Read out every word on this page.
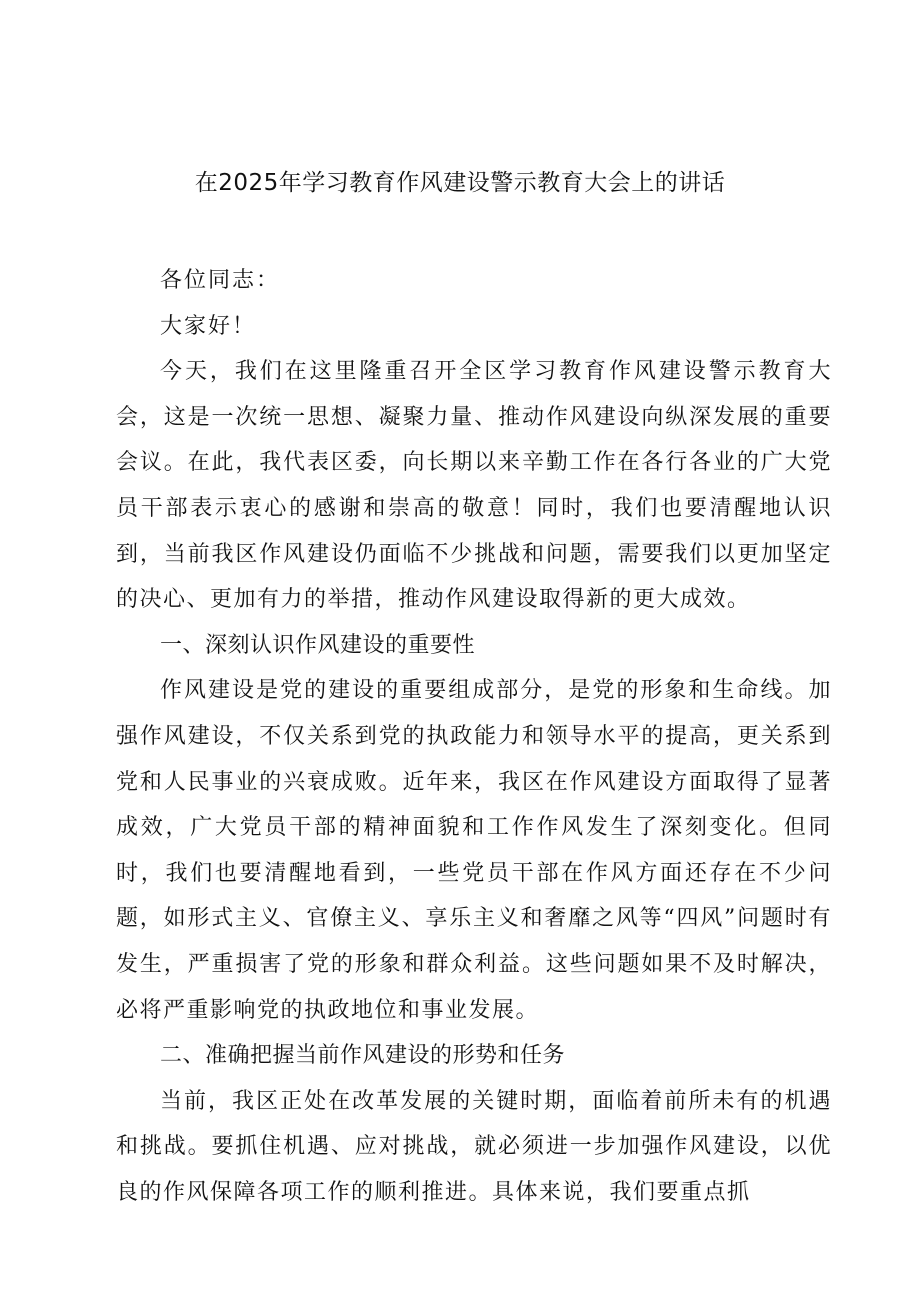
在2025年学习教育作风建设警示教育大会上的讲话

各位同志：

大家好！

今天，我们在这里隆重召开全区学习教育作风建设警示教育大会，这是一次统一思想、凝聚力量、推动作风建设向纵深发展的重要会议。在此，我代表区委，向长期以来辛勤工作在各行各业的广大党员干部表示衷心的感谢和崇高的敬意！同时，我们也要清醒地认识到，当前我区作风建设仍面临不少挑战和问题，需要我们以更加坚定的决心、更加有力的举措，推动作风建设取得新的更大成效。

一、深刻认识作风建设的重要性

作风建设是党的建设的重要组成部分，是党的形象和生命线。加强作风建设，不仅关系到党的执政能力和领导水平的提高，更关系到党和人民事业的兴衰成败。近年来，我区在作风建设方面取得了显著成效，广大党员干部的精神面貌和工作作风发生了深刻变化。但同时，我们也要清醒地看到，一些党员干部在作风方面还存在不少问题，如形式主义、官僚主义、享乐主义和奢靡之风等“四风”问题时有发生，严重损害了党的形象和群众利益。这些问题如果不及时解决，必将严重影响党的执政地位和事业发展。

二、准确把握当前作风建设的形势和任务

当前，我区正处在改革发展的关键时期，面临着前所未有的机遇和挑战。要抓住机遇、应对挑战，就必须进一步加强作风建设，以优良的作风保障各项工作的顺利推进。具体来说，我们要重点抓
